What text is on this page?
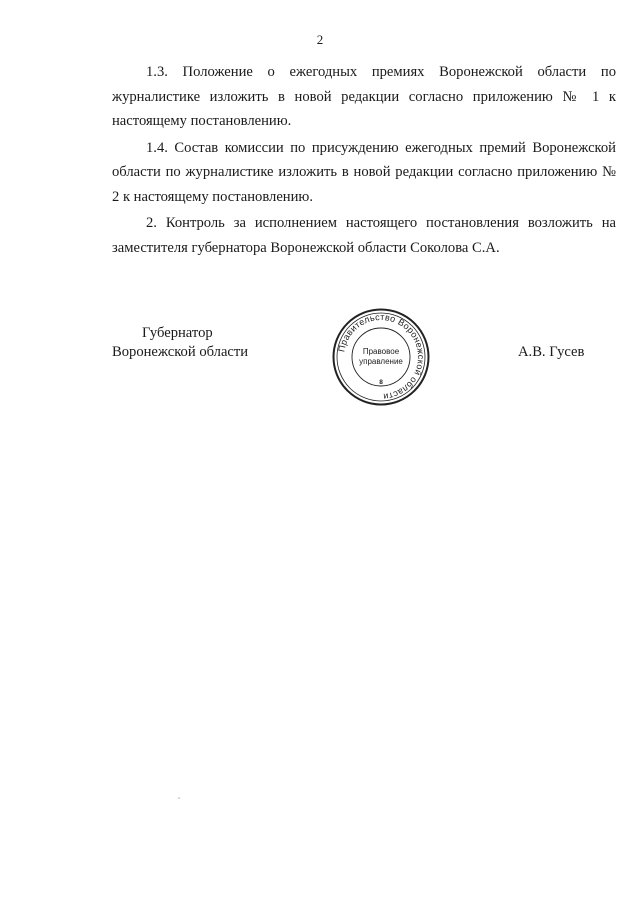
2

1.3. Положение о ежегодных премиях Воронежской области по журналистике изложить в новой редакции согласно приложению № 1 к настоящему постановлению.

1.4. Состав комиссии по присуждению ежегодных премий Воронежской области по журналистике изложить в новой редакции согласно приложению № 2 к настоящему постановлению.

2. Контроль за исполнением настоящего постановления возложить на заместителя губернатора Воронежской области Соколова С.А.

Губернатор
Воронежской области	Правительство Воронежской области
Правовое
управление
8
А.В. Гусев
